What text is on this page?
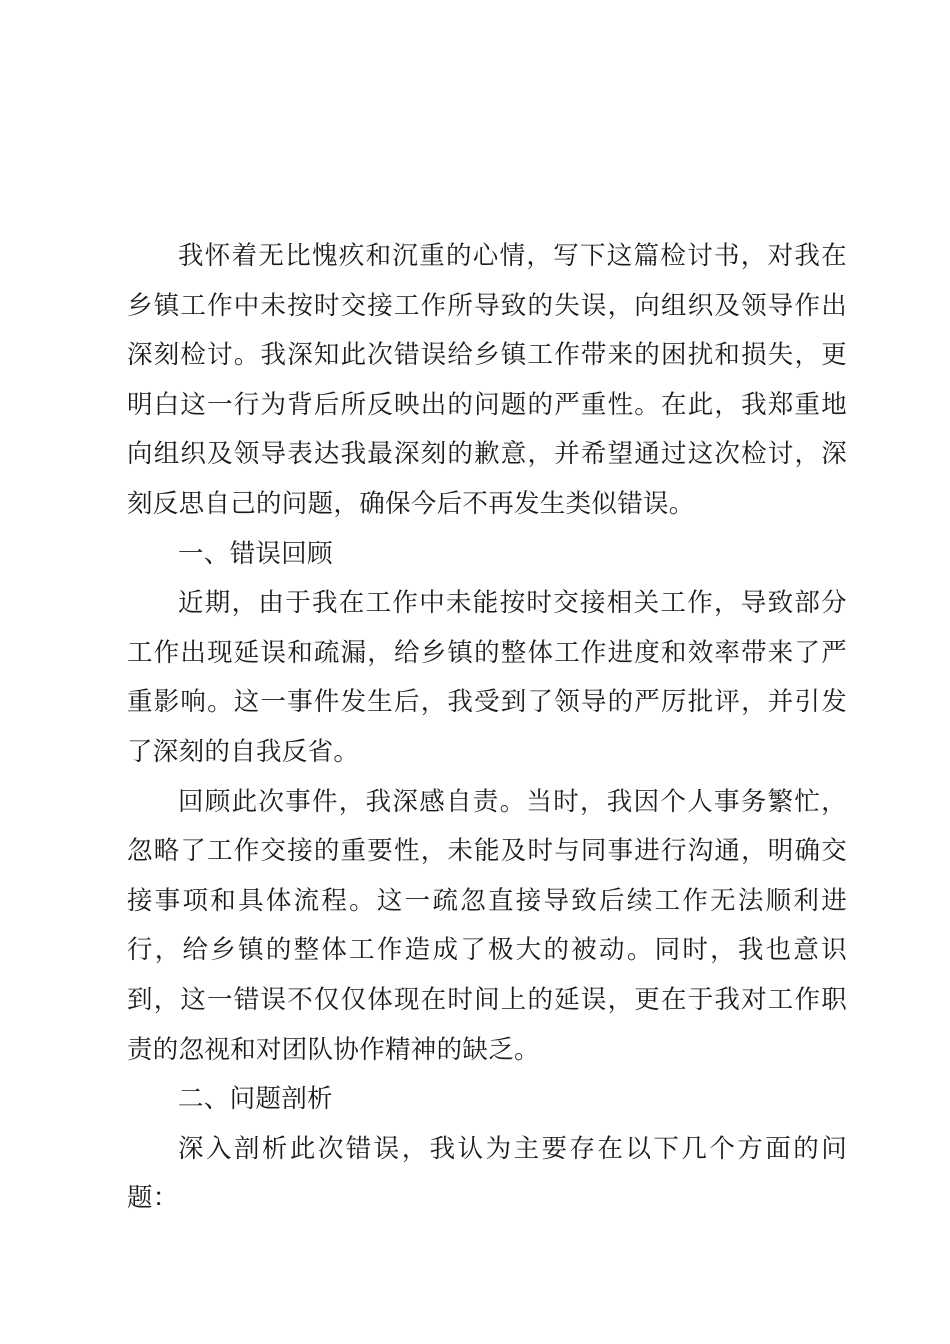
我怀着无比愧疚和沉重的心情，写下这篇检讨书，对我在乡镇工作中未按时交接工作所导致的失误，向组织及领导作出深刻检讨。我深知此次错误给乡镇工作带来的困扰和损失，更明白这一行为背后所反映出的问题的严重性。在此，我郑重地向组织及领导表达我最深刻的歉意，并希望通过这次检讨，深刻反思自己的问题，确保今后不再发生类似错误。

一、错误回顾

近期，由于我在工作中未能按时交接相关工作，导致部分工作出现延误和疏漏，给乡镇的整体工作进度和效率带来了严重影响。这一事件发生后，我受到了领导的严厉批评，并引发了深刻的自我反省。

回顾此次事件，我深感自责。当时，我因个人事务繁忙，忽略了工作交接的重要性，未能及时与同事进行沟通，明确交接事项和具体流程。这一疏忽直接导致后续工作无法顺利进行，给乡镇的整体工作造成了极大的被动。同时，我也意识到，这一错误不仅仅体现在时间上的延误，更在于我对工作职责的忽视和对团队协作精神的缺乏。

二、问题剖析

深入剖析此次错误，我认为主要存在以下几个方面的问题：
